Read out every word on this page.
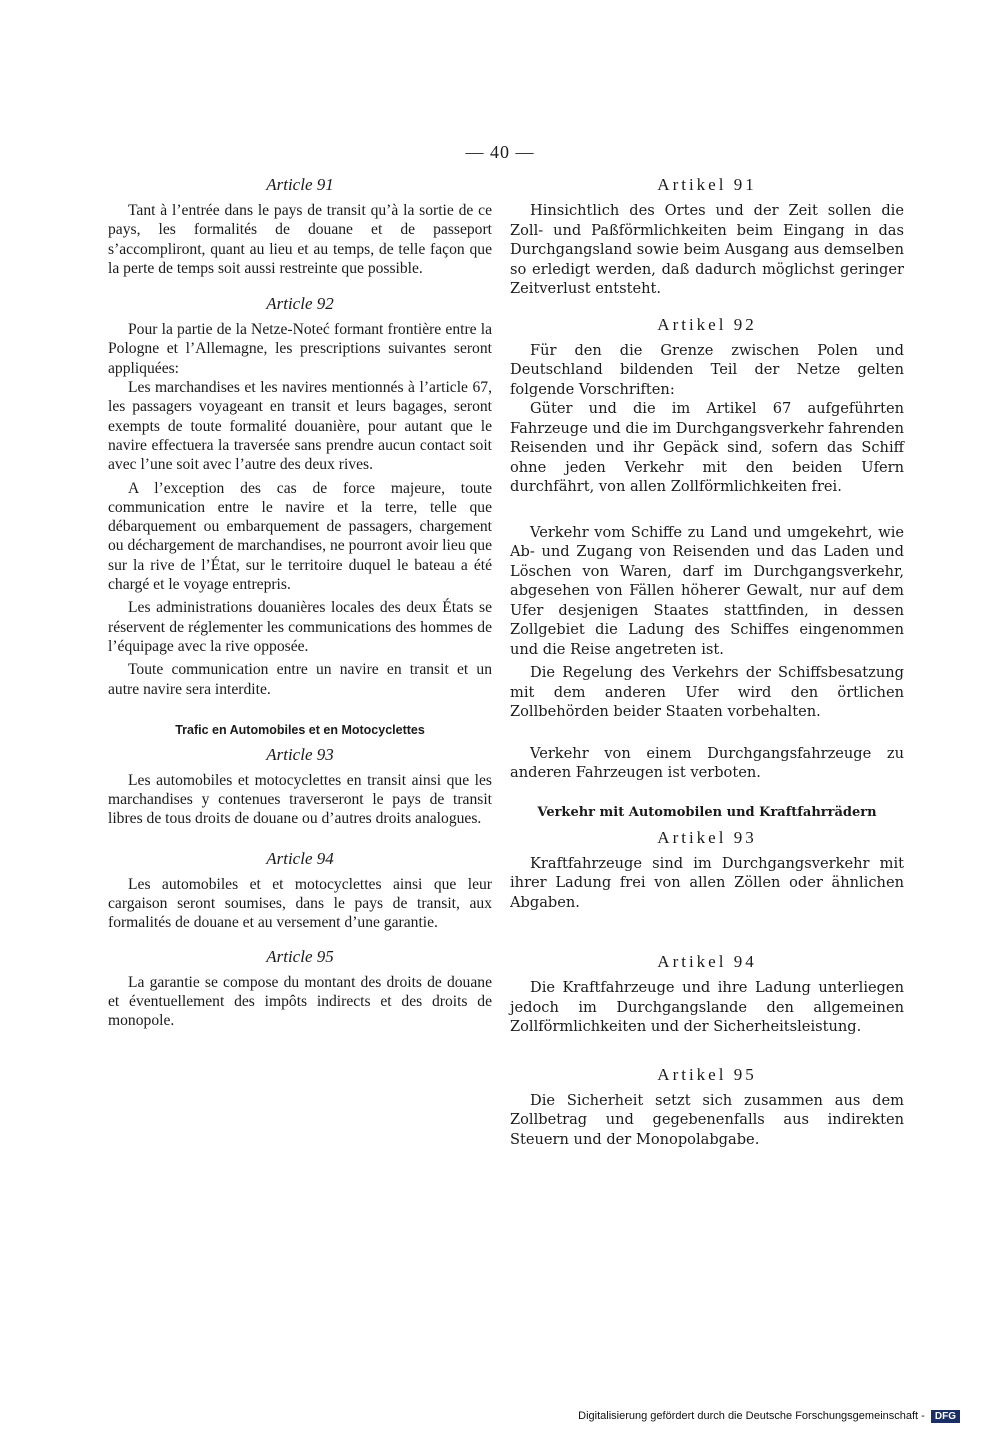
— 40 —
Article 91

Tant à l’entrée dans le pays de transit qu’à la sortie de ce pays, les formalités de douane et de passeport s’accompliront, quant au lieu et au temps, de telle façon que la perte de temps soit aussi restreinte que possible.

Article 92

Pour la partie de la Netze-Noteć formant frontière entre la Pologne et l’Allemagne, les prescriptions suivantes seront appliquées:

Les marchandises et les navires mentionnés à l’article 67, les passagers voyageant en transit et leurs bagages, seront exempts de toute formalité douanière, pour autant que le navire effectuera la traversée sans prendre aucun contact soit avec l’une soit avec l’autre des deux rives.

A l’exception des cas de force majeure, toute communication entre le navire et la terre, telle que débarquement ou embarquement de passagers, chargement ou déchargement de marchandises, ne pourront avoir lieu que sur la rive de l’État, sur le territoire duquel le bateau a été chargé et le voyage entrepris.

Les administrations douanières locales des deux États se réservent de réglementer les communications des hommes de l’équipage avec la rive opposée.

Toute communication entre un navire en transit et un autre navire sera interdite.

Trafic en Automobiles et en Motocyclettes
Article 93

Les automobiles et motocyclettes en transit ainsi que les marchandises y contenues traverseront le pays de transit libres de tous droits de douane ou d’autres droits analogues.

Article 94

Les automobiles et et motocyclettes ainsi que leur cargaison seront soumises, dans le pays de transit, aux formalités de douane et au versement d’une garantie.

Article 95

La garantie se compose du montant des droits de douane et éventuellement des impôts indirects et des droits de monopole.

Artikel 91

Hinsichtlich des Ortes und der Zeit sollen die Zoll- und Paßförmlichkeiten beim Eingang in das Durchgangsland sowie beim Ausgang aus demselben so erledigt werden, daß dadurch möglichst geringer Zeitverlust entsteht.

Artikel 92

Für den die Grenze zwischen Polen und Deutschland bildenden Teil der Netze gelten folgende Vorschriften:

Güter und die im Artikel 67 aufgeführten Fahrzeuge und die im Durchgangsverkehr fahrenden Reisenden und ihr Gepäck sind, sofern das Schiff ohne jeden Verkehr mit den beiden Ufern durchfährt, von allen Zollförmlichkeiten frei.

Verkehr vom Schiffe zu Land und umgekehrt, wie Ab- und Zugang von Reisenden und das Laden und Löschen von Waren, darf im Durchgangsverkehr, abgesehen von Fällen höherer Gewalt, nur auf dem Ufer desjenigen Staates stattfinden, in dessen Zollgebiet die Ladung des Schiffes eingenommen und die Reise angetreten ist.

Die Regelung des Verkehrs der Schiffsbesatzung mit dem anderen Ufer wird den örtlichen Zollbehörden beider Staaten vorbehalten.

Verkehr von einem Durchgangsfahrzeuge zu anderen Fahrzeugen ist verboten.

Verkehr mit Automobilen und Kraftfahrrädern
Artikel 93

Kraftfahrzeuge sind im Durchgangsverkehr mit ihrer Ladung frei von allen Zöllen oder ähnlichen Abgaben.

Artikel 94

Die Kraftfahrzeuge und ihre Ladung unterliegen jedoch im Durchgangslande den allgemeinen Zollförmlichkeiten und der Sicherheitsleistung.

Artikel 95

Die Sicherheit setzt sich zusammen aus dem Zollbetrag und gegebenenfalls aus indirekten Steuern und der Monopolabgabe.

Digitalisierung gefördert durch die Deutsche Forschungsgemeinschaft - DFG
